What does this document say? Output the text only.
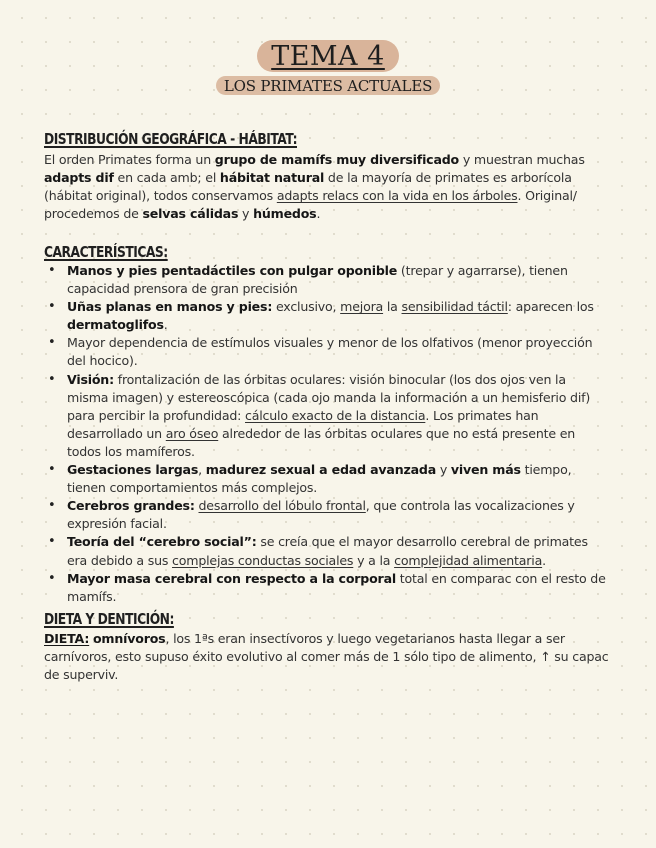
TEMA 4
LOS PRIMATES ACTUALES
DISTRIBUCIÓN GEOGRÁFICA - HÁBITAT:
El orden Primates forma un grupo de mamífs muy diversificado y muestran muchas adapts dif en cada amb; el hábitat natural de la mayoría de primates es arborícola (hábitat original), todos conservamos adapts relacs con la vida en los árboles. Original/ procedemos de selvas cálidas y húmedos.
CARACTERÍSTICAS:
• Manos y pies pentadáctiles con pulgar oponible (trepar y agarrarse), tienen capacidad prensora de gran precisión
• Uñas planas en manos y pies: exclusivo, mejora la sensibilidad táctil: aparecen los dermatoglifos.
• Mayor dependencia de estímulos visuales y menor de los olfativos (menor proyección del hocico).
• Visión: frontalización de las órbitas oculares: visión binocular (los dos ojos ven la misma imagen) y estereoscópica (cada ojo manda la información a un hemisferio dif) para percibir la profundidad: cálculo exacto de la distancia. Los primates han desarrollado un aro óseo alrededor de las órbitas oculares que no está presente en todos los mamíferos.
• Gestaciones largas, madurez sexual a edad avanzada y viven más tiempo, tienen comportamientos más complejos.
• Cerebros grandes: desarrollo del lóbulo frontal, que controla las vocalizaciones y expresión facial.
• Teoría del “cerebro social”: se creía que el mayor desarrollo cerebral de primates era debido a sus complejas conductas sociales y a la complejidad alimentaria.
• Mayor masa cerebral con respecto a la corporal total en comparac con el resto de mamífs.
DIETA Y DENTICIÓN:
DIETA: omnívoros, los 1ªs eran insectívoros y luego vegetarianos hasta llegar a ser carnívoros, esto supuso éxito evolutivo al comer más de 1 sólo tipo de alimento, ↑ su capac de superviv.
